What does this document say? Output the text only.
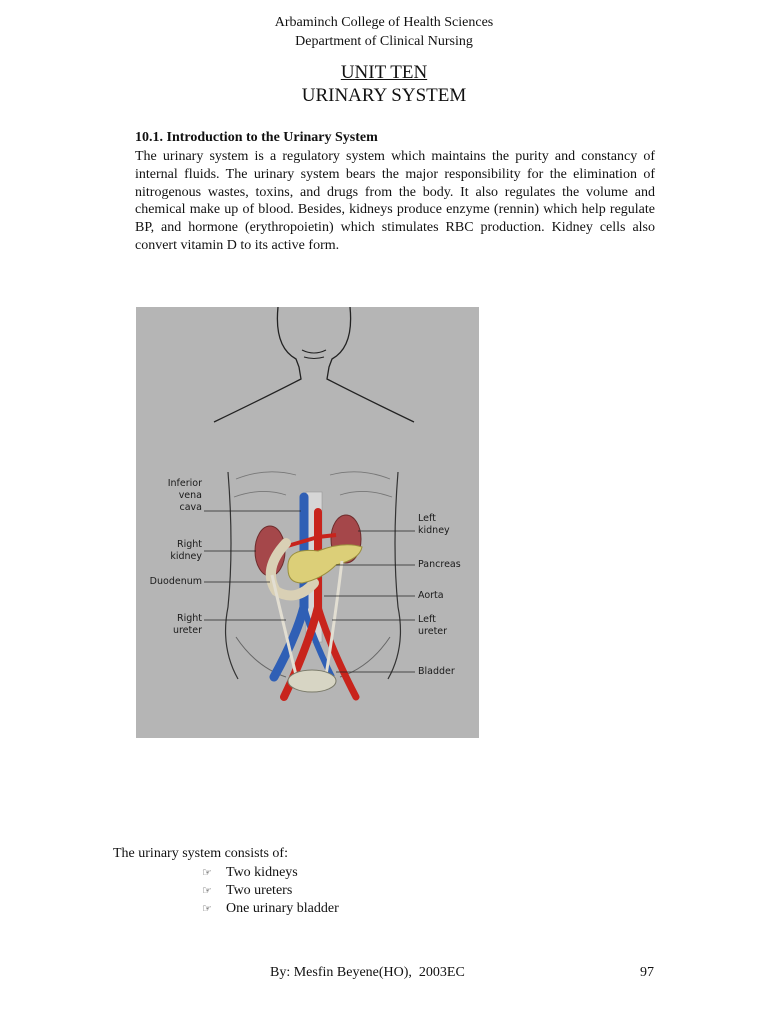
Arbaminch College of Health Sciences
Department of Clinical Nursing
UNIT TEN
URINARY SYSTEM
10.1. Introduction to the Urinary System
The urinary system is a regulatory system which maintains the purity and constancy of internal fluids. The urinary system bears the major responsibility for the elimination of nitrogenous wastes, toxins, and drugs from the body. It also regulates the volume and chemical make up of blood. Besides, kidneys produce enzyme (rennin) which help regulate BP, and hormone (erythropoietin) which stimulates RBC production. Kidney cells also convert vitamin D to its active form.
Inferior
vena
cava
Right
kidney
Duodenum
Right
ureter
Left
kidney
Pancreas
Aorta
Left
ureter
Bladder
The urinary system consists of:
☞	Two kidneys
☞	Two ureters
☞	One urinary bladder
By: Mesfin Beyene(HO),  2003EC	97
